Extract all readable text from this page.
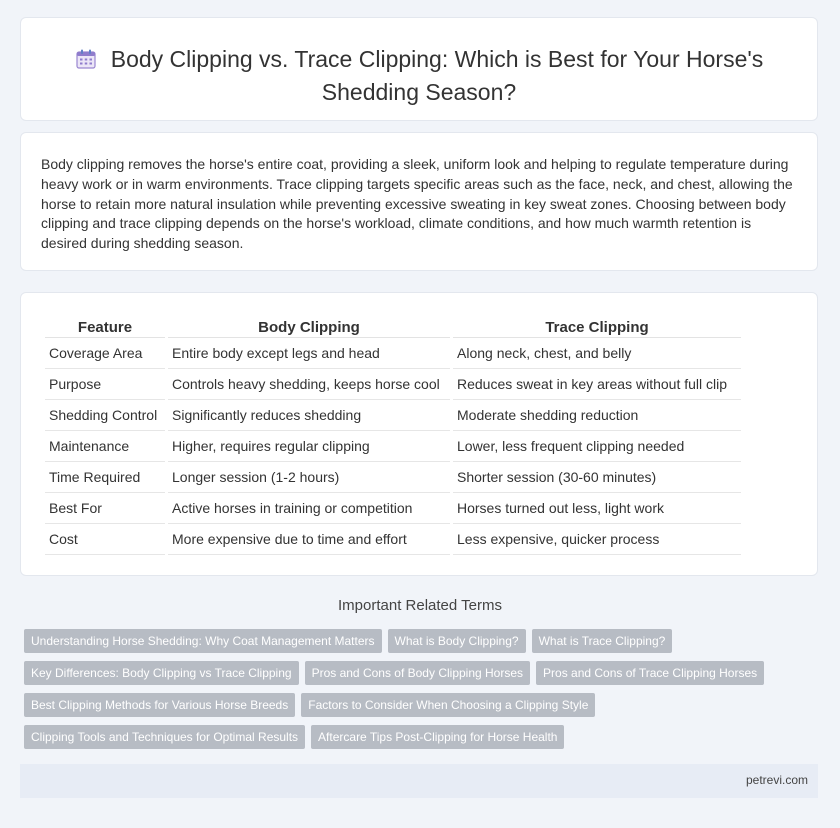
Body Clipping vs. Trace Clipping: Which is Best for Your Horse's
Shedding Season?
Body clipping removes the horse's entire coat, providing a sleek, uniform look and helping to regulate temperature during heavy work or in warm environments. Trace clipping targets specific areas such as the face, neck, and chest, allowing the horse to retain more natural insulation while preventing excessive sweating in key sweat zones. Choosing between body clipping and trace clipping depends on the horse's workload, climate conditions, and how much warmth retention is desired during shedding season.
Feature	Body Clipping	Trace Clipping
Coverage Area	Entire body except legs and head	Along neck, chest, and belly
Purpose	Controls heavy shedding, keeps horse cool	Reduces sweat in key areas without full clip
Shedding Control	Significantly reduces shedding	Moderate shedding reduction
Maintenance	Higher, requires regular clipping	Lower, less frequent clipping needed
Time Required	Longer session (1-2 hours)	Shorter session (30-60 minutes)
Best For	Active horses in training or competition	Horses turned out less, light work
Cost	More expensive due to time and effort	Less expensive, quicker process
Important Related Terms
Understanding Horse Shedding: Why Coat Management Matters What is Body Clipping? What is Trace Clipping?
Key Differences: Body Clipping vs Trace Clipping Pros and Cons of Body Clipping Horses Pros and Cons of Trace Clipping Horses
Best Clipping Methods for Various Horse Breeds Factors to Consider When Choosing a Clipping Style
Clipping Tools and Techniques for Optimal Results Aftercare Tips Post-Clipping for Horse Health
petrevi.com
